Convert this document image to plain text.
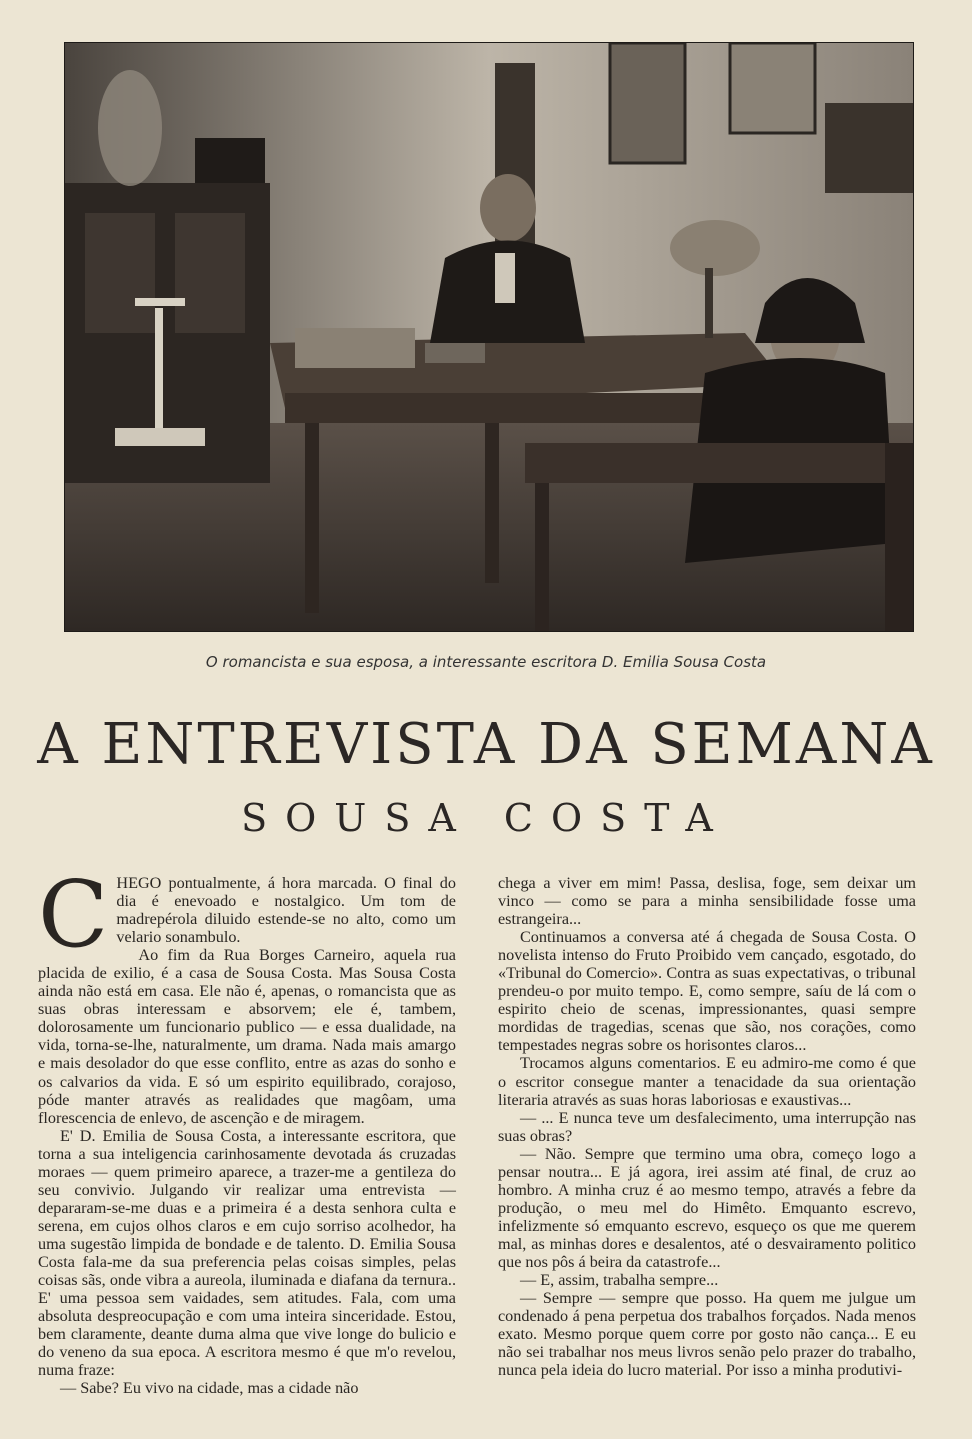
O romancista e sua esposa, a interessante escritora D. Emilia Sousa Costa
A ENTREVISTA DA SEMANA
SOUSA COSTA

CHEGO pontualmente, á hora marcada. O final do dia é enevoado e nostalgico. Um tom de madrepérola diluido estende-se no alto, como um velario sonambulo.

Ao fim da Rua Borges Carneiro, aquela rua placida de exilio, é a casa de Sousa Costa. Mas Sousa Costa ainda não está em casa. Ele não é, apenas, o romancista que as suas obras interessam e absorvem; ele é, tambem, dolorosamente um funcionario publico — e essa dualidade, na vida, torna-se-lhe, naturalmente, um drama. Nada mais amargo e mais desolador do que esse conflito, entre as azas do sonho e os calvarios da vida. E só um espirito equilibrado, corajoso, póde manter através as realidades que magôam, uma florescencia de enlevo, de ascenção e de miragem.

E' D. Emilia de Sousa Costa, a interessante escritora, que torna a sua inteligencia carinhosamente devotada ás cruzadas moraes — quem primeiro aparece, a trazer-me a gentileza do seu convivio. Julgando vir realizar uma entrevista — depararam-se-me duas e a primeira é a desta senhora culta e serena, em cujos olhos claros e em cujo sorriso acolhedor, ha uma sugestão limpida de bondade e de talento. D. Emilia Sousa Costa fala-me da sua preferencia pelas coisas simples, pelas coisas sãs, onde vibra a aureola, iluminada e diafana da ternura.. E' uma pessoa sem vaidades, sem atitudes. Fala, com uma absoluta despreocupação e com uma inteira sinceridade. Estou, bem claramente, deante duma alma que vive longe do bulicio e do veneno da sua epoca. A escritora mesmo é que m'o revelou, numa fraze:

— Sabe? Eu vivo na cidade, mas a cidade não

chega a viver em mim! Passa, deslisa, foge, sem deixar um vinco — como se para a minha sensibilidade fosse uma estrangeira...

Continuamos a conversa até á chegada de Sousa Costa. O novelista intenso do Fruto Proibido vem cançado, esgotado, do «Tribunal do Comercio». Contra as suas expectativas, o tribunal prendeu-o por muito tempo. E, como sempre, saíu de lá com o espirito cheio de scenas, impressionantes, quasi sempre mordidas de tragedias, scenas que são, nos corações, como tempestades negras sobre os horisontes claros...

Trocamos alguns comentarios. E eu admiro-me como é que o escritor consegue manter a tenacidade da sua orientação literaria através as suas horas laboriosas e exaustivas...

— ... E nunca teve um desfalecimento, uma interrupção nas suas obras?

— Não. Sempre que termino uma obra, começo logo a pensar noutra... E já agora, irei assim até final, de cruz ao hombro. A minha cruz é ao mesmo tempo, através a febre da produção, o meu mel do Himêto. Emquanto escrevo, infelizmente só emquanto escrevo, esqueço os que me querem mal, as minhas dores e desalentos, até o desvairamento politico que nos pôs á beira da catastrofe...

— E, assim, trabalha sempre...

— Sempre — sempre que posso. Ha quem me julgue um condenado á pena perpetua dos trabalhos forçados. Nada menos exato. Mesmo porque quem corre por gosto não cança... E eu não sei trabalhar nos meus livros senão pelo prazer do trabalho, nunca pela ideia do lucro material. Por isso a minha produtivi-
